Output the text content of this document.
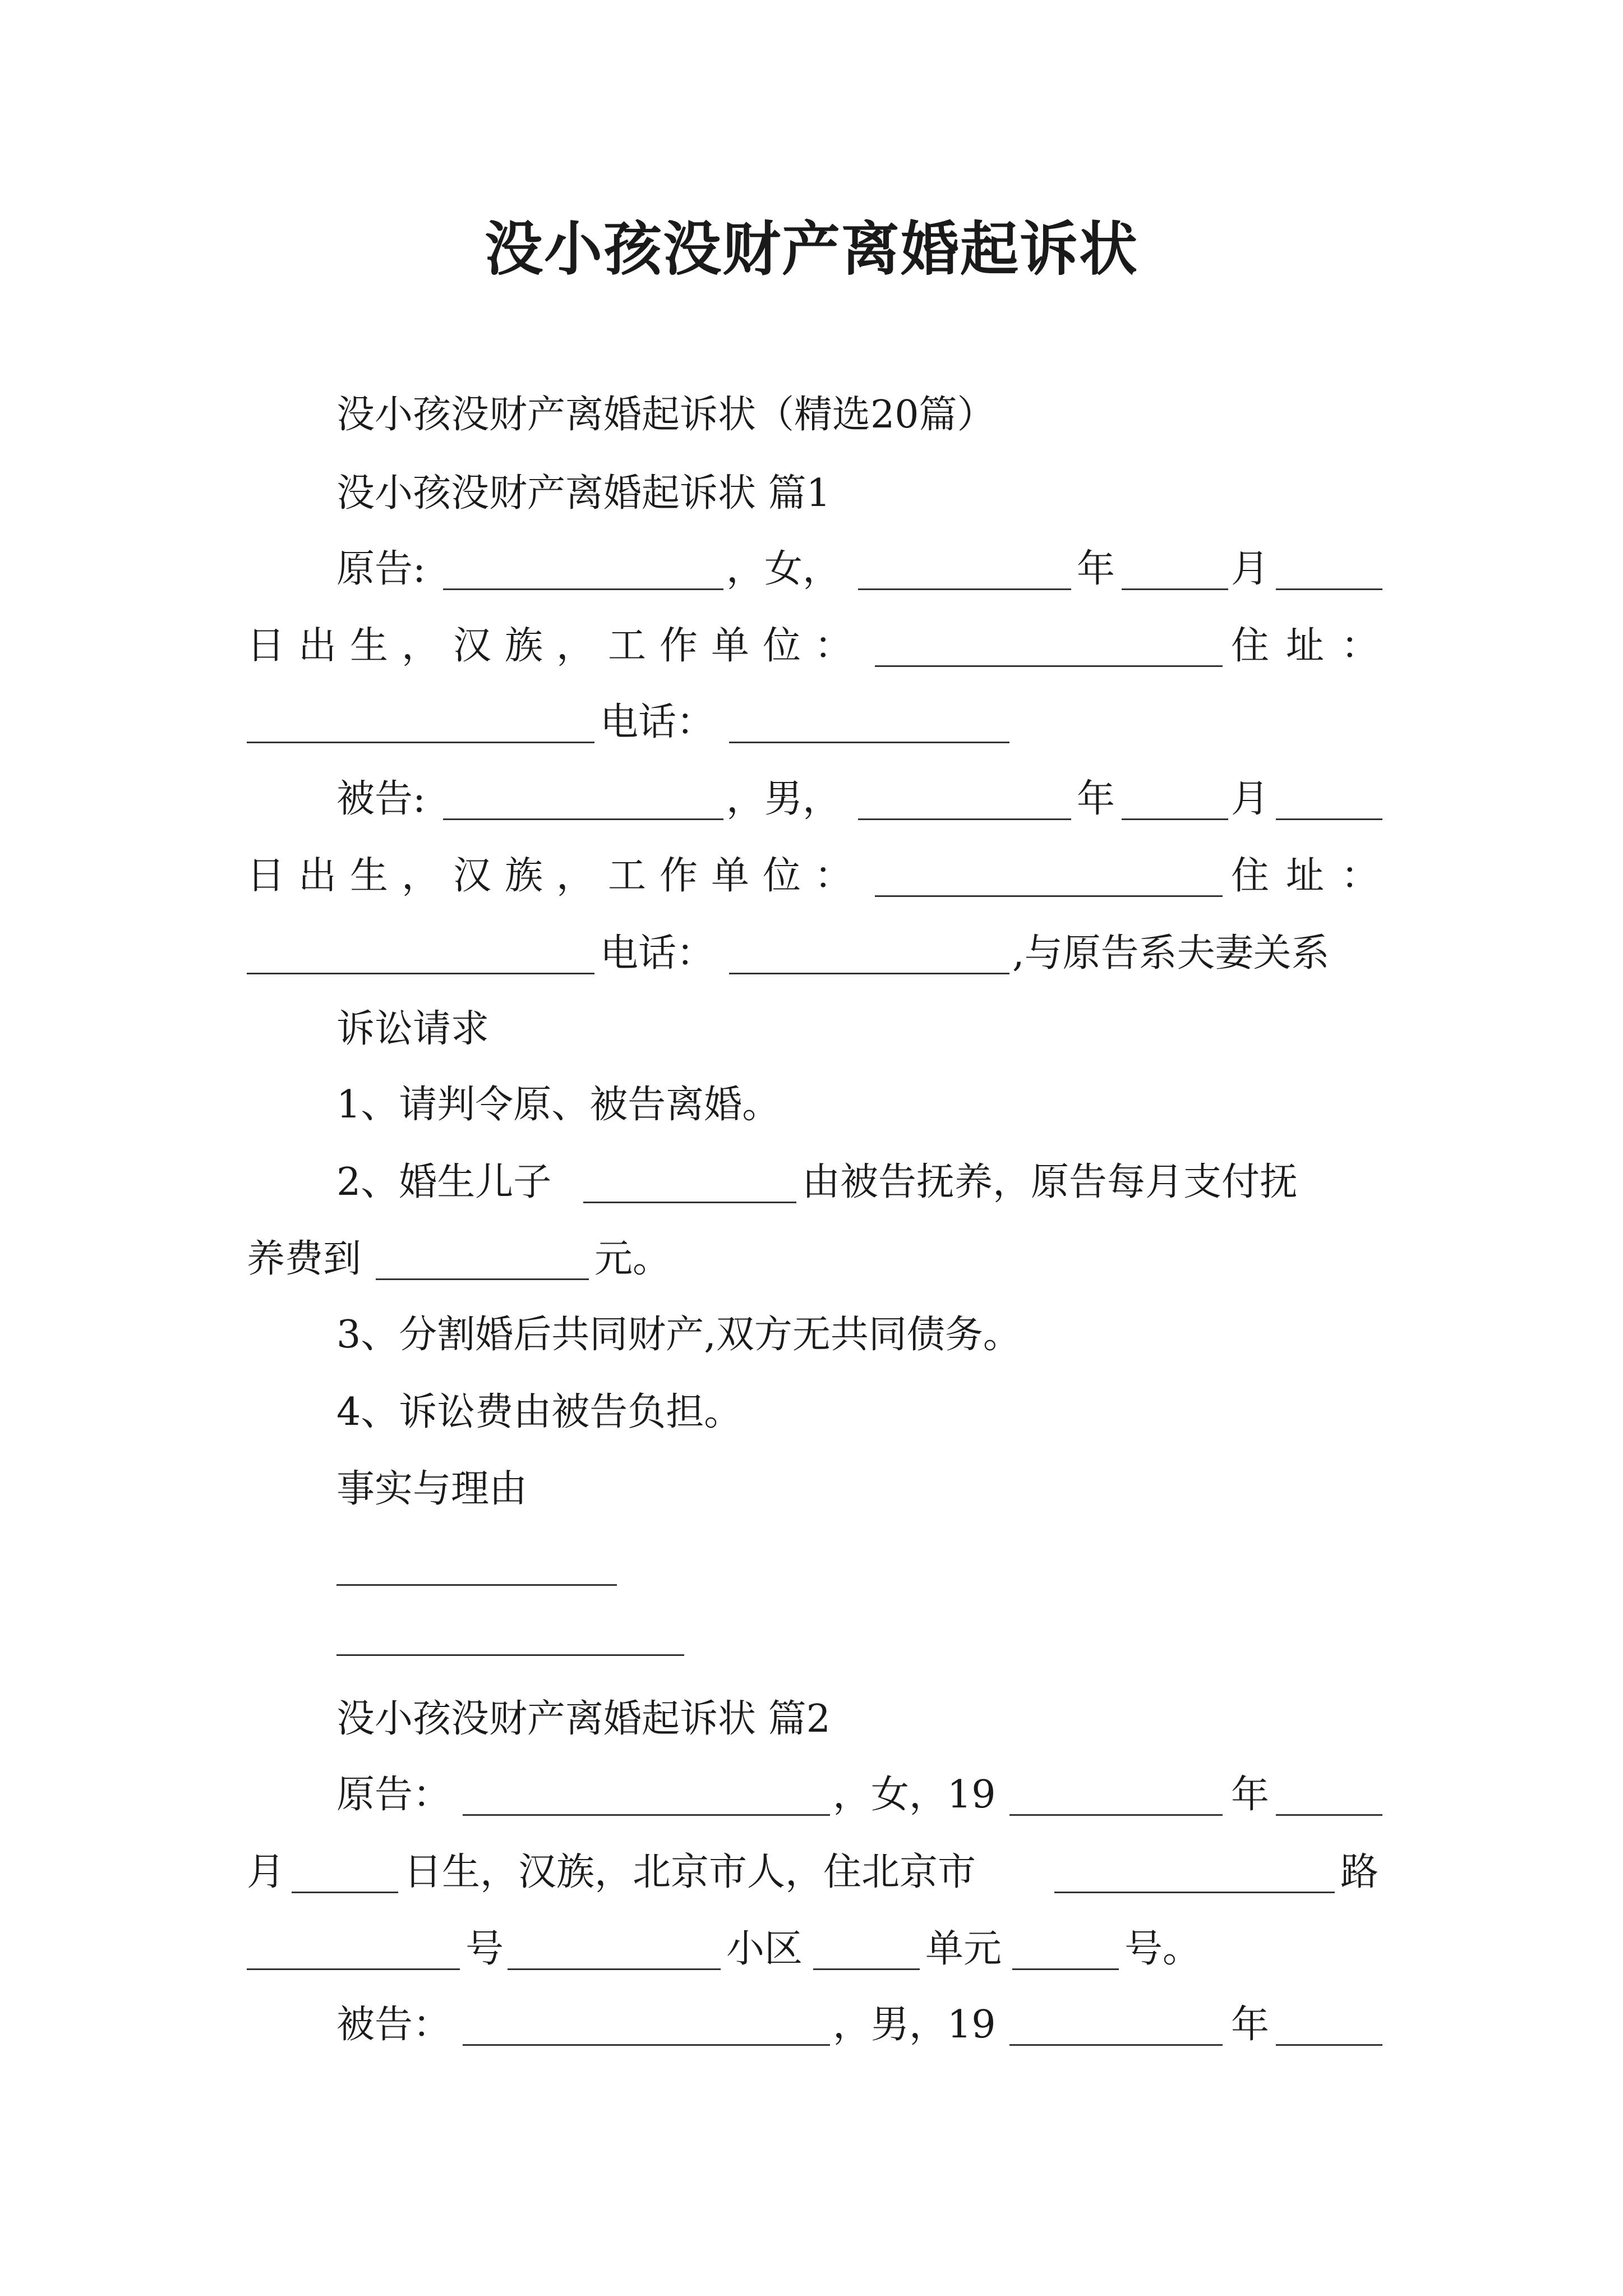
没小孩没财产离婚起诉状
没小孩没财产离婚起诉状（精选20篇）
没小孩没财产离婚起诉状 篇1
原告:	，女，	年	月
日出生，汉族，工作单位：	住址：
电话：
被告:	，男，	年	月
日出生，汉族，工作单位：	住址：
电话：	,与原告系夫妻关系
诉讼请求
1、请判令原、被告离婚。
2、婚生儿子	由被告抚养，原告每月支付抚
养费到	元。
3、分割婚后共同财产,双方无共同债务。
4、诉讼费由被告负担。
事实与理由
没小孩没财产离婚起诉状 篇2
原告：	，女，19	年
月	日生，汉族，北京市人，住北京市	路
号	小区	单元	号。
被告：	，男，19	年
